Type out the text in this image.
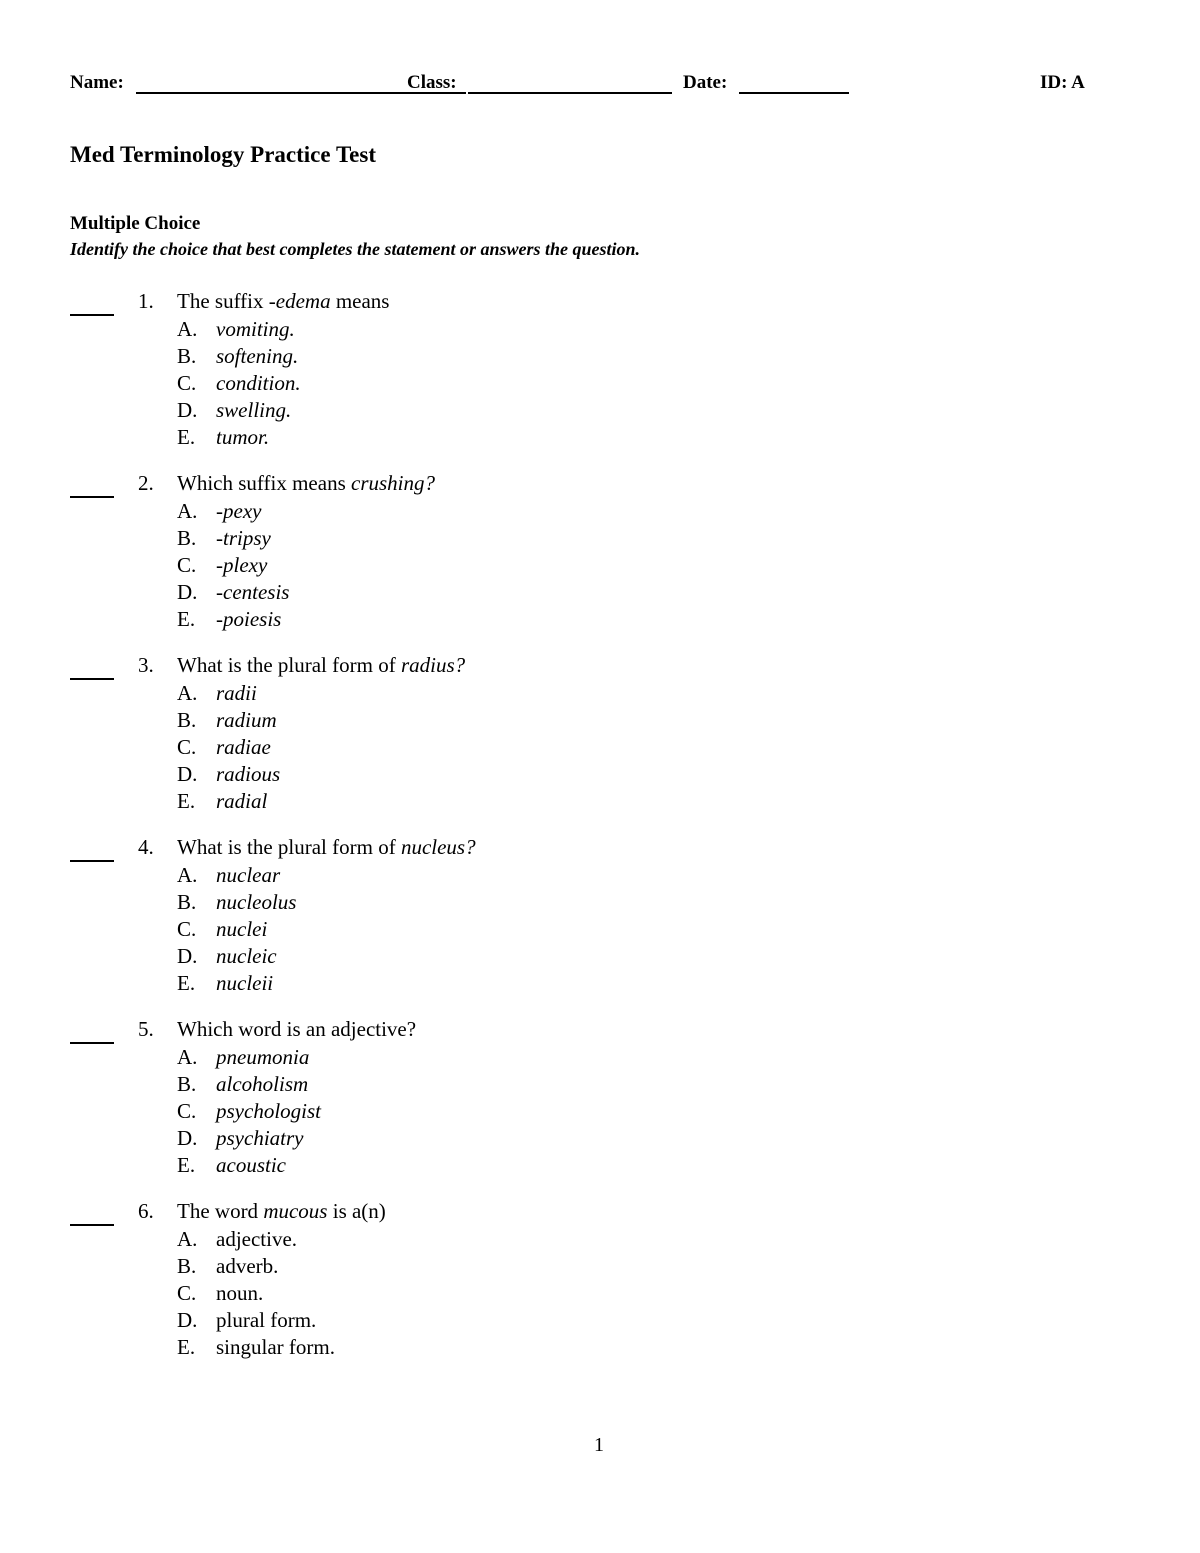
Name:	Class:	Date:	ID: A
Med Terminology Practice Test
Multiple Choice
Identify the choice that best completes the statement or answers the question.
1. The suffix -edema means
A. vomiting.
B. softening.
C. condition.
D. swelling.
E. tumor.
2. Which suffix means crushing?
A. -pexy
B. -tripsy
C. -plexy
D. -centesis
E. -poiesis
3. What is the plural form of radius?
A. radii
B. radium
C. radiae
D. radious
E. radial
4. What is the plural form of nucleus?
A. nuclear
B. nucleolus
C. nuclei
D. nucleic
E. nucleii
5. Which word is an adjective?
A. pneumonia
B. alcoholism
C. psychologist
D. psychiatry
E. acoustic
6. The word mucous is a(n)
A. adjective.
B. adverb.
C. noun.
D. plural form.
E. singular form.
1
